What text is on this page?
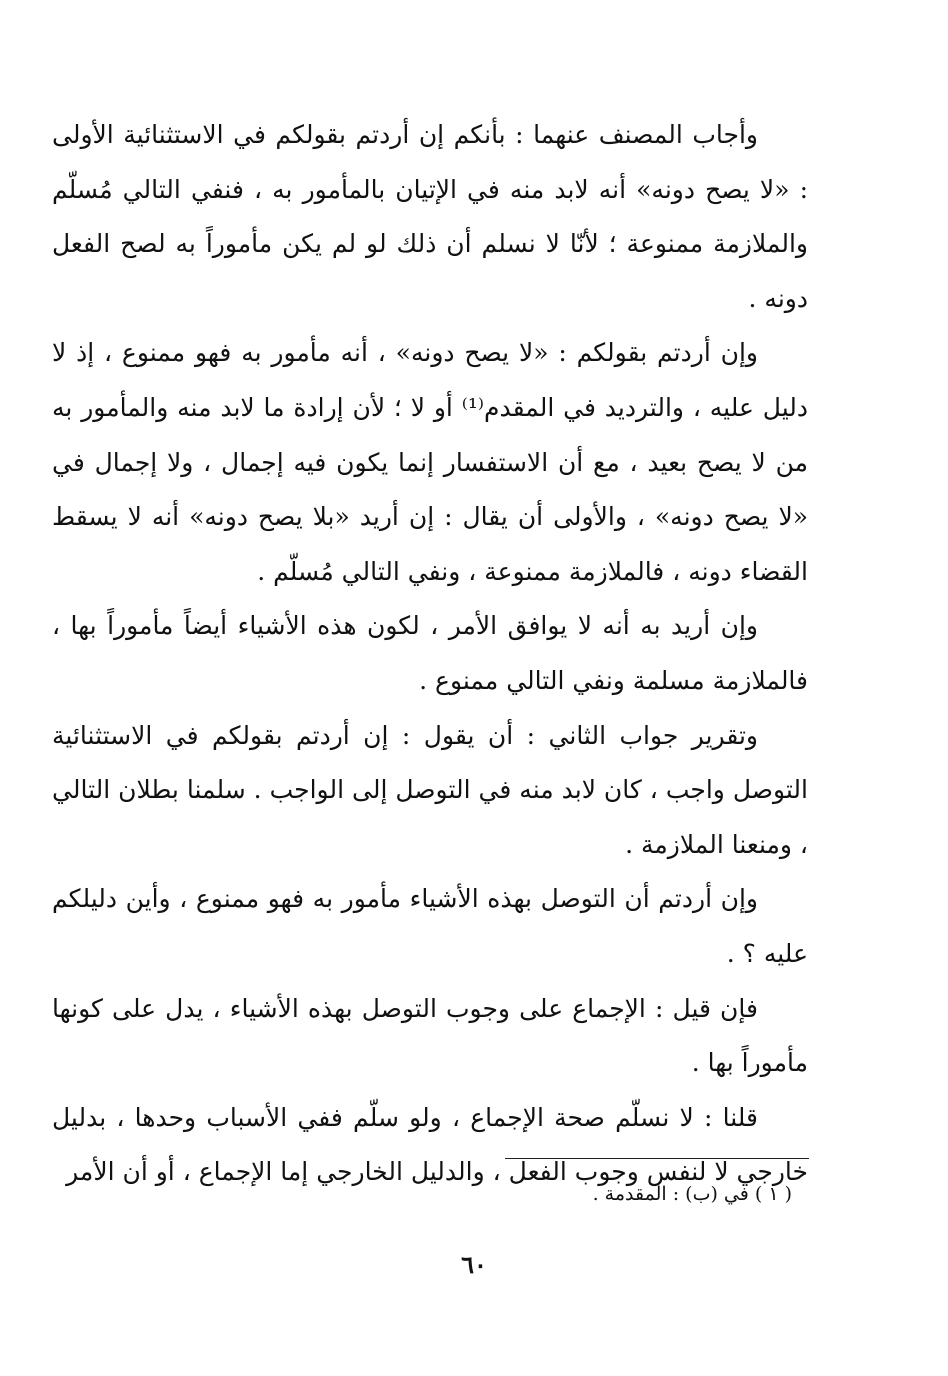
وأجاب المصنف عنهما : بأنكم إن أردتم بقولكم في الاستثنائية الأولى : «لا يصح دونه» أنه لابد منه في الإتيان بالمأمور به ، فنفي التالي مُسلّم والملازمة ممنوعة ؛ لأنّا لا نسلم أن ذلك لو لم يكن مأموراً به لصح الفعل دونه .

وإن أردتم بقولكم : «لا يصح دونه» ، أنه مأمور به فهو ممنوع ، إذ لا دليل عليه ، والترديد في المقدم⁽¹⁾ أو لا ؛ لأن إرادة ما لابد منه والمأمور به من لا يصح بعيد ، مع أن الاستفسار إنما يكون فيه إجمال ، ولا إجمال في «لا يصح دونه» ، والأولى أن يقال : إن أريد «بلا يصح دونه» أنه لا يسقط القضاء دونه ، فالملازمة ممنوعة ، ونفي التالي مُسلّم .

وإن أريد به أنه لا يوافق الأمر ، لكون هذه الأشياء أيضاً مأموراً بها ، فالملازمة مسلمة ونفي التالي ممنوع .

وتقرير جواب الثاني : أن يقول : إن أردتم بقولكم في الاستثنائية التوصل واجب ، كان لابد منه في التوصل إلى الواجب . سلمنا بطلان التالي ، ومنعنا الملازمة .

وإن أردتم أن التوصل بهذه الأشياء مأمور به فهو ممنوع ، وأين دليلكم عليه ؟ .

فإن قيل : الإجماع على وجوب التوصل بهذه الأشياء ، يدل على كونها مأموراً بها .

قلنا : لا نسلّم صحة الإجماع ، ولو سلّم ففي الأسباب وحدها ، بدليل خارجي لا لنفس وجوب الفعل ، والدليل الخارجي إما الإجماع ، أو أن الأمر

( ١ ) في (ب) : المقدمة .
٦٠
